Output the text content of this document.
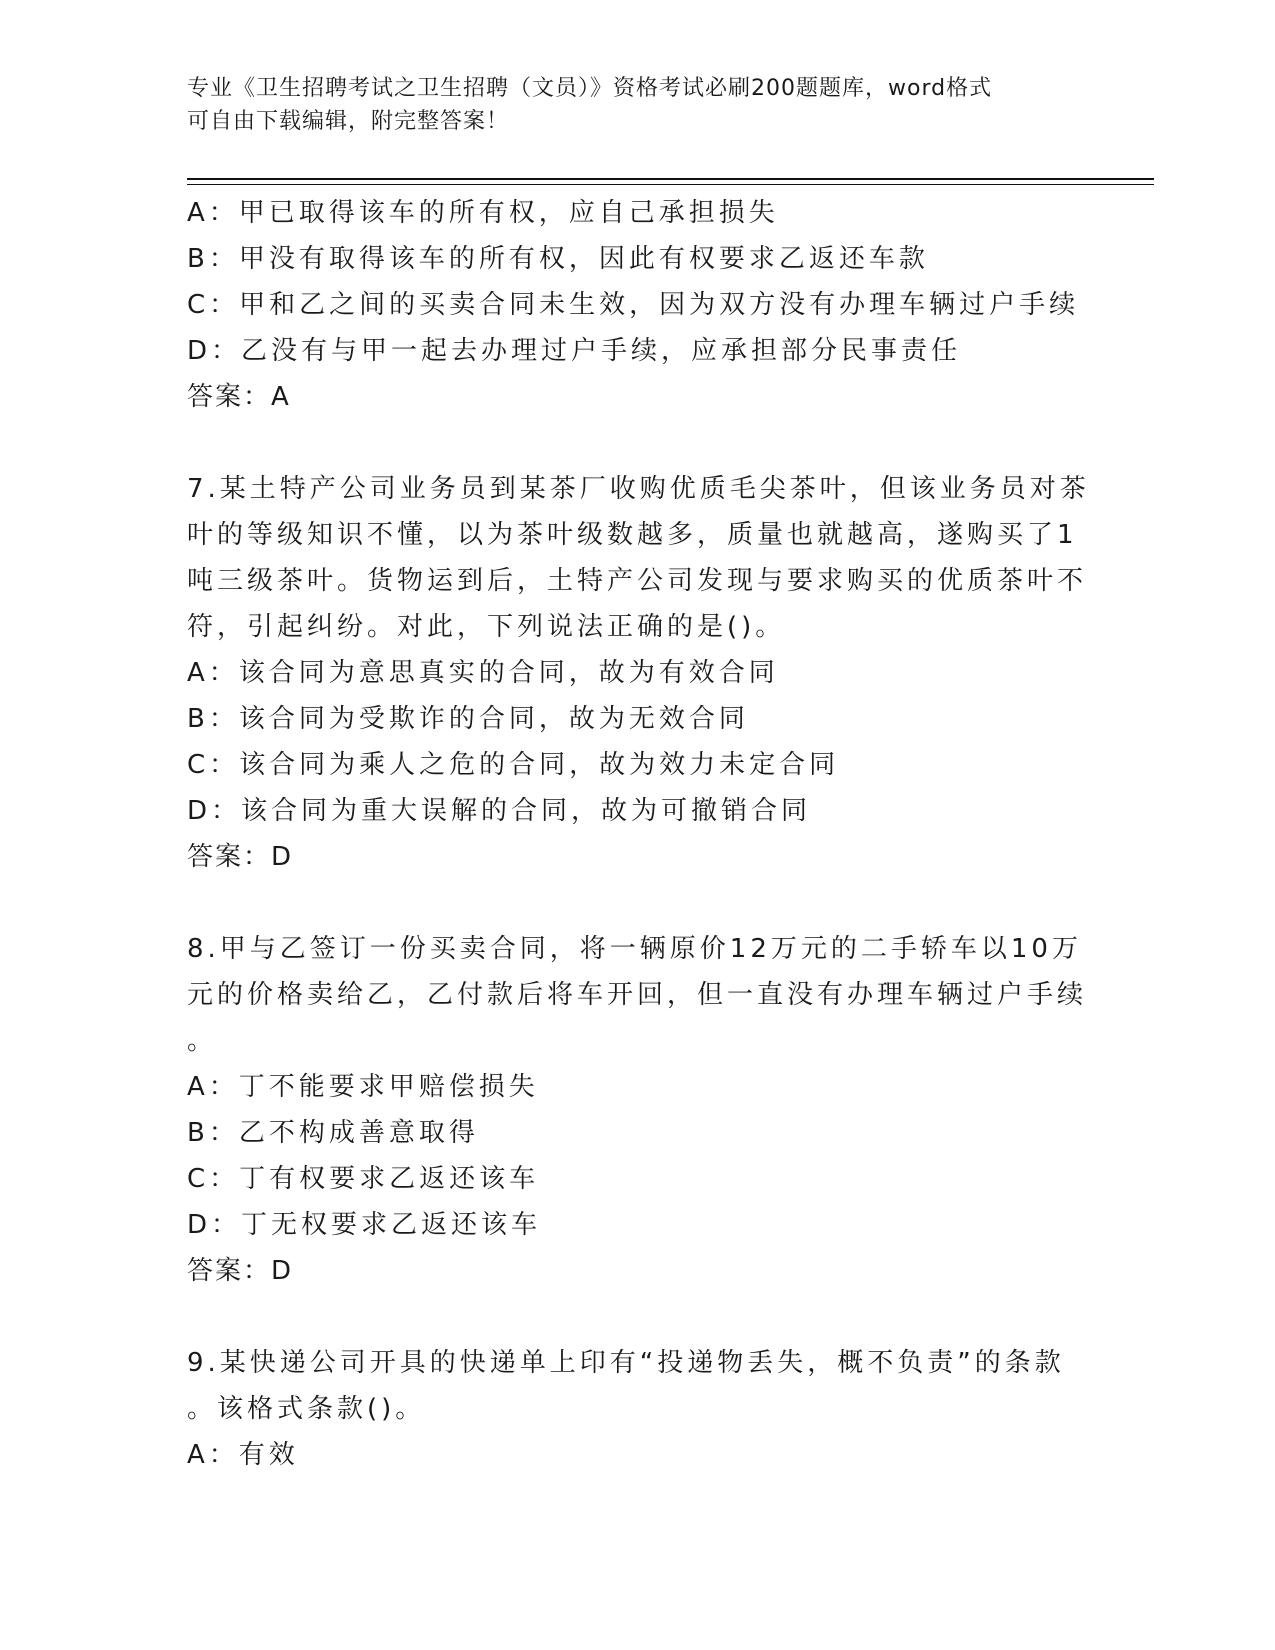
专业《卫生招聘考试之卫生招聘（文员）》资格考试必刷200题题库，word格式
可自由下载编辑，附完整答案！
A：甲已取得该车的所有权，应自己承担损失
B：甲没有取得该车的所有权，因此有权要求乙返还车款
C：甲和乙之间的买卖合同未生效，因为双方没有办理车辆过户手续
D：乙没有与甲一起去办理过户手续，应承担部分民事责任
答案：A
7.某土特产公司业务员到某茶厂收购优质毛尖茶叶，但该业务员对茶
叶的等级知识不懂，以为茶叶级数越多，质量也就越高，遂购买了1
吨三级茶叶。货物运到后，土特产公司发现与要求购买的优质茶叶不
符，引起纠纷。对此，下列说法正确的是()。
A：该合同为意思真实的合同，故为有效合同
B：该合同为受欺诈的合同，故为无效合同
C：该合同为乘人之危的合同，故为效力未定合同
D：该合同为重大误解的合同，故为可撤销合同
答案：D
8.甲与乙签订一份买卖合同，将一辆原价12万元的二手轿车以10万
元的价格卖给乙，乙付款后将车开回，但一直没有办理车辆过户手续
。
A：丁不能要求甲赔偿损失
B：乙不构成善意取得
C：丁有权要求乙返还该车
D：丁无权要求乙返还该车
答案：D
9.某快递公司开具的快递单上印有“投递物丢失，概不负责”的条款
。该格式条款()。
A：有效
